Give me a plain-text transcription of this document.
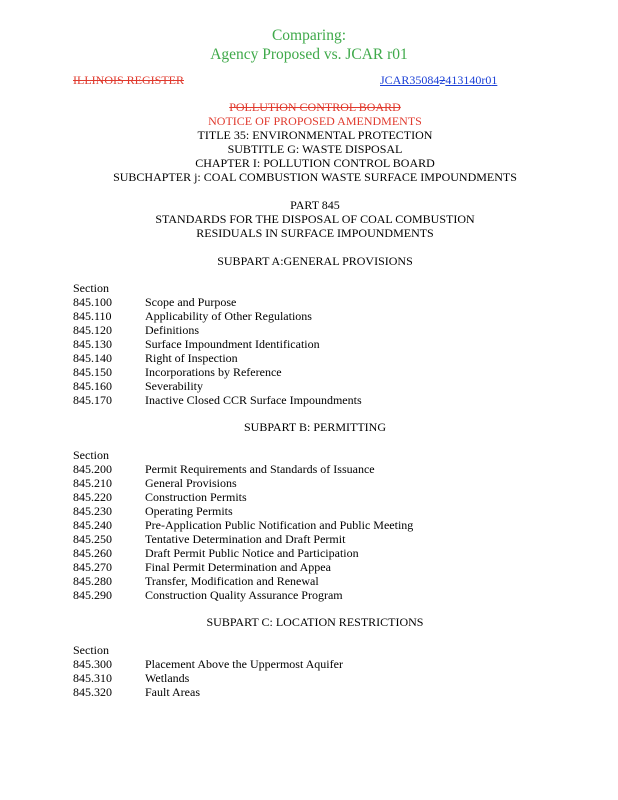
Comparing:
Agency Proposed vs. JCAR r01
ILLINOIS REGISTER	JCAR350842413140r01
POLLUTION CONTROL BOARD
NOTICE OF PROPOSED AMENDMENTS
TITLE 35: ENVIRONMENTAL PROTECTION
SUBTITLE G: WASTE DISPOSAL
CHAPTER I: POLLUTION CONTROL BOARD
SUBCHAPTER j: COAL COMBUSTION WASTE SURFACE IMPOUNDMENTS
PART 845
STANDARDS FOR THE DISPOSAL OF COAL COMBUSTION
RESIDUALS IN SURFACE IMPOUNDMENTS
SUBPART A:GENERAL PROVISIONS
Section
845.100	Scope and Purpose
845.110	Applicability of Other Regulations
845.120	Definitions
845.130	Surface Impoundment Identification
845.140	Right of Inspection
845.150	Incorporations by Reference
845.160	Severability
845.170	Inactive Closed CCR Surface Impoundments
SUBPART B: PERMITTING
Section
845.200	Permit Requirements and Standards of Issuance
845.210	General Provisions
845.220	Construction Permits
845.230	Operating Permits
845.240	Pre-Application Public Notification and Public Meeting
845.250	Tentative Determination and Draft Permit
845.260	Draft Permit Public Notice and Participation
845.270	Final Permit Determination and Appea
845.280	Transfer, Modification and Renewal
845.290	Construction Quality Assurance Program
SUBPART C: LOCATION RESTRICTIONS
Section
845.300	Placement Above the Uppermost Aquifer
845.310	Wetlands
845.320	Fault Areas
